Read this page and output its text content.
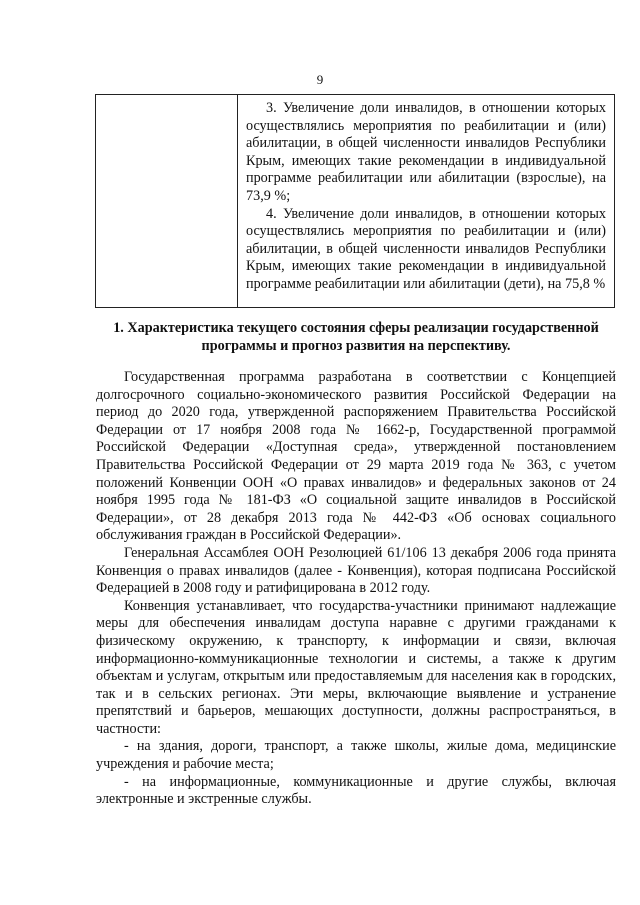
9

3. Увеличение доли инвалидов, в отношении которых осуществлялись мероприятия по реабилитации и (или) абилитации, в общей численности инвалидов Республики Крым, имеющих такие рекомендации в индивидуальной программе реабилитации или абилитации (взрослые), на 73,9 %;

4. Увеличение доли инвалидов, в отношении которых осуществлялись мероприятия по реабилитации и (или) абилитации, в общей численности инвалидов Республики Крым, имеющих такие рекомендации в индивидуальной программе реабилитации или абилитации (дети), на 75,8 %

1. Характеристика текущего состояния сферы реализации государственной программы и прогноз развития на перспективу.

Государственная программа разработана в соответствии с Концепцией долгосрочного социально-экономического развития Российской Федерации на период до 2020 года, утвержденной распоряжением Правительства Российской Федерации от 17 ноября 2008 года № 1662-р, Государственной программой Российской Федерации «Доступная среда», утвержденной постановлением Правительства Российской Федерации от 29 марта 2019 года № 363, с учетом положений Конвенции ООН «О правах инвалидов» и федеральных законов от 24 ноября 1995 года № 181-ФЗ «О социальной защите инвалидов в Российской Федерации», от 28 декабря 2013 года № 442-ФЗ «Об основах социального обслуживания граждан в Российской Федерации».

Генеральная Ассамблея ООН Резолюцией 61/106 13 декабря 2006 года принята Конвенция о правах инвалидов (далее - Конвенция), которая подписана Российской Федерацией в 2008 году и ратифицирована в 2012 году.

Конвенция устанавливает, что государства-участники принимают надлежащие меры для обеспечения инвалидам доступа наравне с другими гражданами к физическому окружению, к транспорту, к информации и связи, включая информационно-коммуникационные технологии и системы, а также к другим объектам и услугам, открытым или предоставляемым для населения как в городских, так и в сельских регионах. Эти меры, включающие выявление и устранение препятствий и барьеров, мешающих доступности, должны распространяться, в частности:

- на здания, дороги, транспорт, а также школы, жилые дома, медицинские учреждения и рабочие места;

- на информационные, коммуникационные и другие службы, включая электронные и экстренные службы.
